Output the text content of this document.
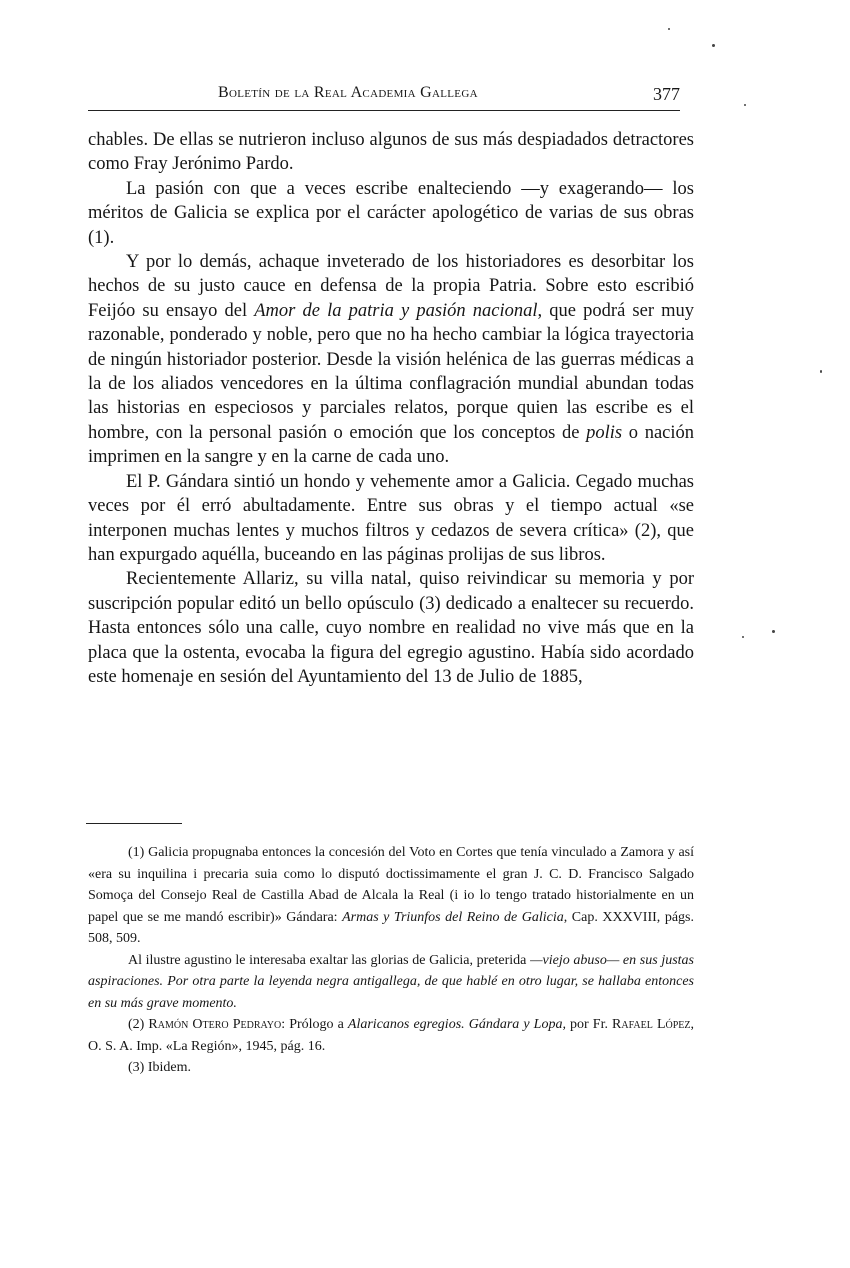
Boletín de la Real Academia Gallega	377

chables. De ellas se nutrieron incluso algunos de sus más despiadados detractores como Fray Jerónimo Pardo.

La pasión con que a veces escribe enalteciendo —y exagerando— los méritos de Galicia se explica por el carácter apologético de varias de sus obras (1).

Y por lo demás, achaque inveterado de los historiadores es desorbitar los hechos de su justo cauce en defensa de la propia Patria. Sobre esto escribió Feijóo su ensayo del Amor de la patria y pasión nacional, que podrá ser muy razonable, ponderado y noble, pero que no ha hecho cambiar la lógica trayectoria de ningún historiador posterior. Desde la visión helénica de las guerras médicas a la de los aliados vencedores en la última conflagración mundial abundan todas las historias en especiosos y parciales relatos, porque quien las escribe es el hombre, con la personal pasión o emoción que los conceptos de polis o nación imprimen en la sangre y en la carne de cada uno.

El P. Gándara sintió un hondo y vehemente amor a Galicia. Cegado muchas veces por él erró abultadamente. Entre sus obras y el tiempo actual «se interponen muchas lentes y muchos filtros y cedazos de severa crítica» (2), que han expurgado aquélla, buceando en las páginas prolijas de sus libros.

Recientemente Allariz, su villa natal, quiso reivindicar su memoria y por suscripción popular editó un bello opúsculo (3) dedicado a enaltecer su recuerdo. Hasta entonces sólo una calle, cuyo nombre en realidad no vive más que en la placa que la ostenta, evocaba la figura del egregio agustino. Había sido acordado este homenaje en sesión del Ayuntamiento del 13 de Julio de 1885,

(1) Galicia propugnaba entonces la concesión del Voto en Cortes que tenía vinculado a Zamora y así «era su inquilina i precaria suia como lo disputó doctissimamente el gran J. C. D. Francisco Salgado Somoça del Consejo Real de Castilla Abad de Alcala la Real (i io lo tengo tratado historialmente en un papel que se me mandó escribir)» Gándara: Armas y Triunfos del Reino de Galicia, Cap. XXXVIII, págs. 508, 509.

Al ilustre agustino le interesaba exaltar las glorias de Galicia, preterida —viejo abuso— en sus justas aspiraciones. Por otra parte la leyenda negra antigallega, de que hablé en otro lugar, se hallaba entonces en su más grave momento.

(2) Ramón Otero Pedrayo: Prólogo a Alaricanos egregios. Gándara y Lopa, por Fr. Rafael López, O. S. A. Imp. «La Región», 1945, pág. 16.

(3) Ibidem.
